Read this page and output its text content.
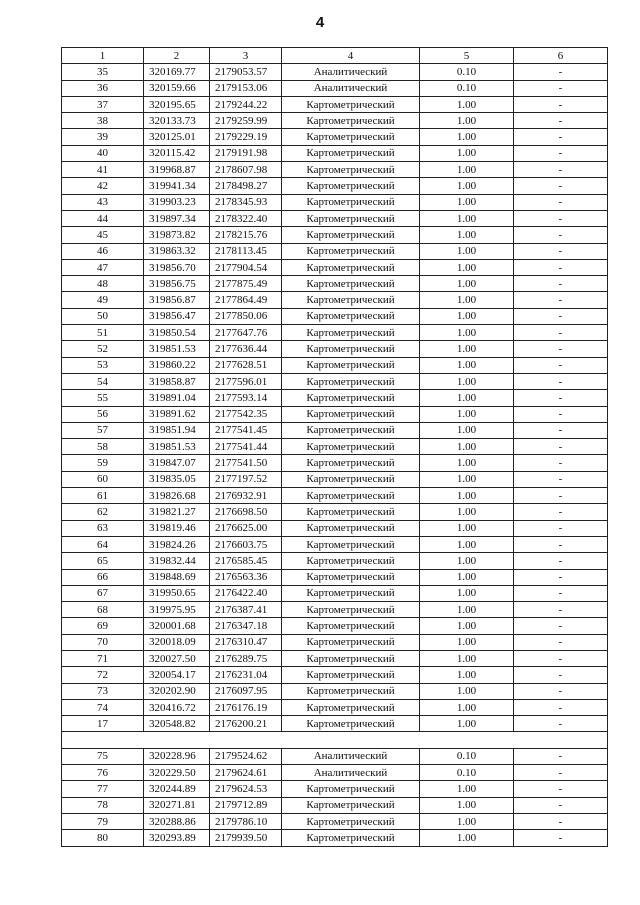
4
1	2	3	4	5	6
35	320169.77	2179053.57	Аналитический	0.10	-
36	320159.66	2179153.06	Аналитический	0.10	-
37	320195.65	2179244.22	Картометрический	1.00	-
38	320133.73	2179259.99	Картометрический	1.00	-
39	320125.01	2179229.19	Картометрический	1.00	-
40	320115.42	2179191.98	Картометрический	1.00	-
41	319968.87	2178607.98	Картометрический	1.00	-
42	319941.34	2178498.27	Картометрический	1.00	-
43	319903.23	2178345.93	Картометрический	1.00	-
44	319897.34	2178322.40	Картометрический	1.00	-
45	319873.82	2178215.76	Картометрический	1.00	-
46	319863.32	2178113.45	Картометрический	1.00	-
47	319856.70	2177904.54	Картометрический	1.00	-
48	319856.75	2177875.49	Картометрический	1.00	-
49	319856.87	2177864.49	Картометрический	1.00	-
50	319856.47	2177850.06	Картометрический	1.00	-
51	319850.54	2177647.76	Картометрический	1.00	-
52	319851.53	2177636.44	Картометрический	1.00	-
53	319860.22	2177628.51	Картометрический	1.00	-
54	319858.87	2177596.01	Картометрический	1.00	-
55	319891.04	2177593.14	Картометрический	1.00	-
56	319891.62	2177542.35	Картометрический	1.00	-
57	319851.94	2177541.45	Картометрический	1.00	-
58	319851.53	2177541.44	Картометрический	1.00	-
59	319847.07	2177541.50	Картометрический	1.00	-
60	319835.05	2177197.52	Картометрический	1.00	-
61	319826.68	2176932.91	Картометрический	1.00	-
62	319821.27	2176698.50	Картометрический	1.00	-
63	319819.46	2176625.00	Картометрический	1.00	-
64	319824.26	2176603.75	Картометрический	1.00	-
65	319832.44	2176585.45	Картометрический	1.00	-
66	319848.69	2176563.36	Картометрический	1.00	-
67	319950.65	2176422.40	Картометрический	1.00	-
68	319975.95	2176387.41	Картометрический	1.00	-
69	320001.68	2176347.18	Картометрический	1.00	-
70	320018.09	2176310.47	Картометрический	1.00	-
71	320027.50	2176289.75	Картометрический	1.00	-
72	320054.17	2176231.04	Картометрический	1.00	-
73	320202.90	2176097.95	Картометрический	1.00	-
74	320416.72	2176176.19	Картометрический	1.00	-
17	320548.82	2176200.21	Картометрический	1.00	-

75	320228.96	2179524.62	Аналитический	0.10	-
76	320229.50	2179624.61	Аналитический	0.10	-
77	320244.89	2179624.53	Картометрический	1.00	-
78	320271.81	2179712.89	Картометрический	1.00	-
79	320288.86	2179786.10	Картометрический	1.00	-
80	320293.89	2179939.50	Картометрический	1.00	-
